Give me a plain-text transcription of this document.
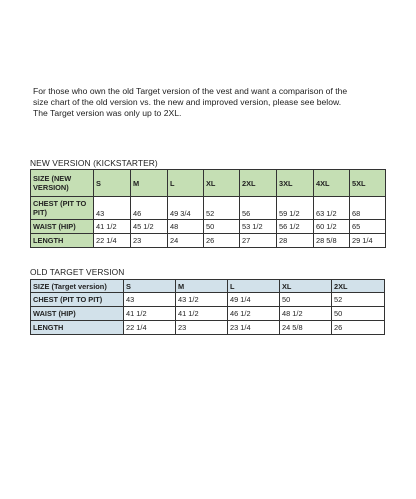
For those who own the old Target version of the vest and want a comparison of the

size chart of the old version vs. the new and improved version, please see below.

The Target version was only up to 2XL.

NEW VERSION (KICKSTARTER)
SIZE (NEW VERSION)	S	M	L	XL	2XL	3XL	4XL	5XL
CHEST (PIT TO PIT)	43	46	49 3/4	52	56	59 1/2	63 1/2	68
WAIST (HIP)	41 1/2	45 1/2	48	50	53 1/2	56 1/2	60 1/2	65
LENGTH	22 1/4	23	24	26	27	28	28 5/8	29 1/4
OLD TARGET VERSION
SIZE (Target version)	S	M	L	XL	2XL
CHEST (PIT TO PIT)	43	43 1/2	49 1/4	50	52
WAIST (HIP)	41 1/2	41 1/2	46 1/2	48 1/2	50
LENGTH	22 1/4	23	23 1/4	24 5/8	26
